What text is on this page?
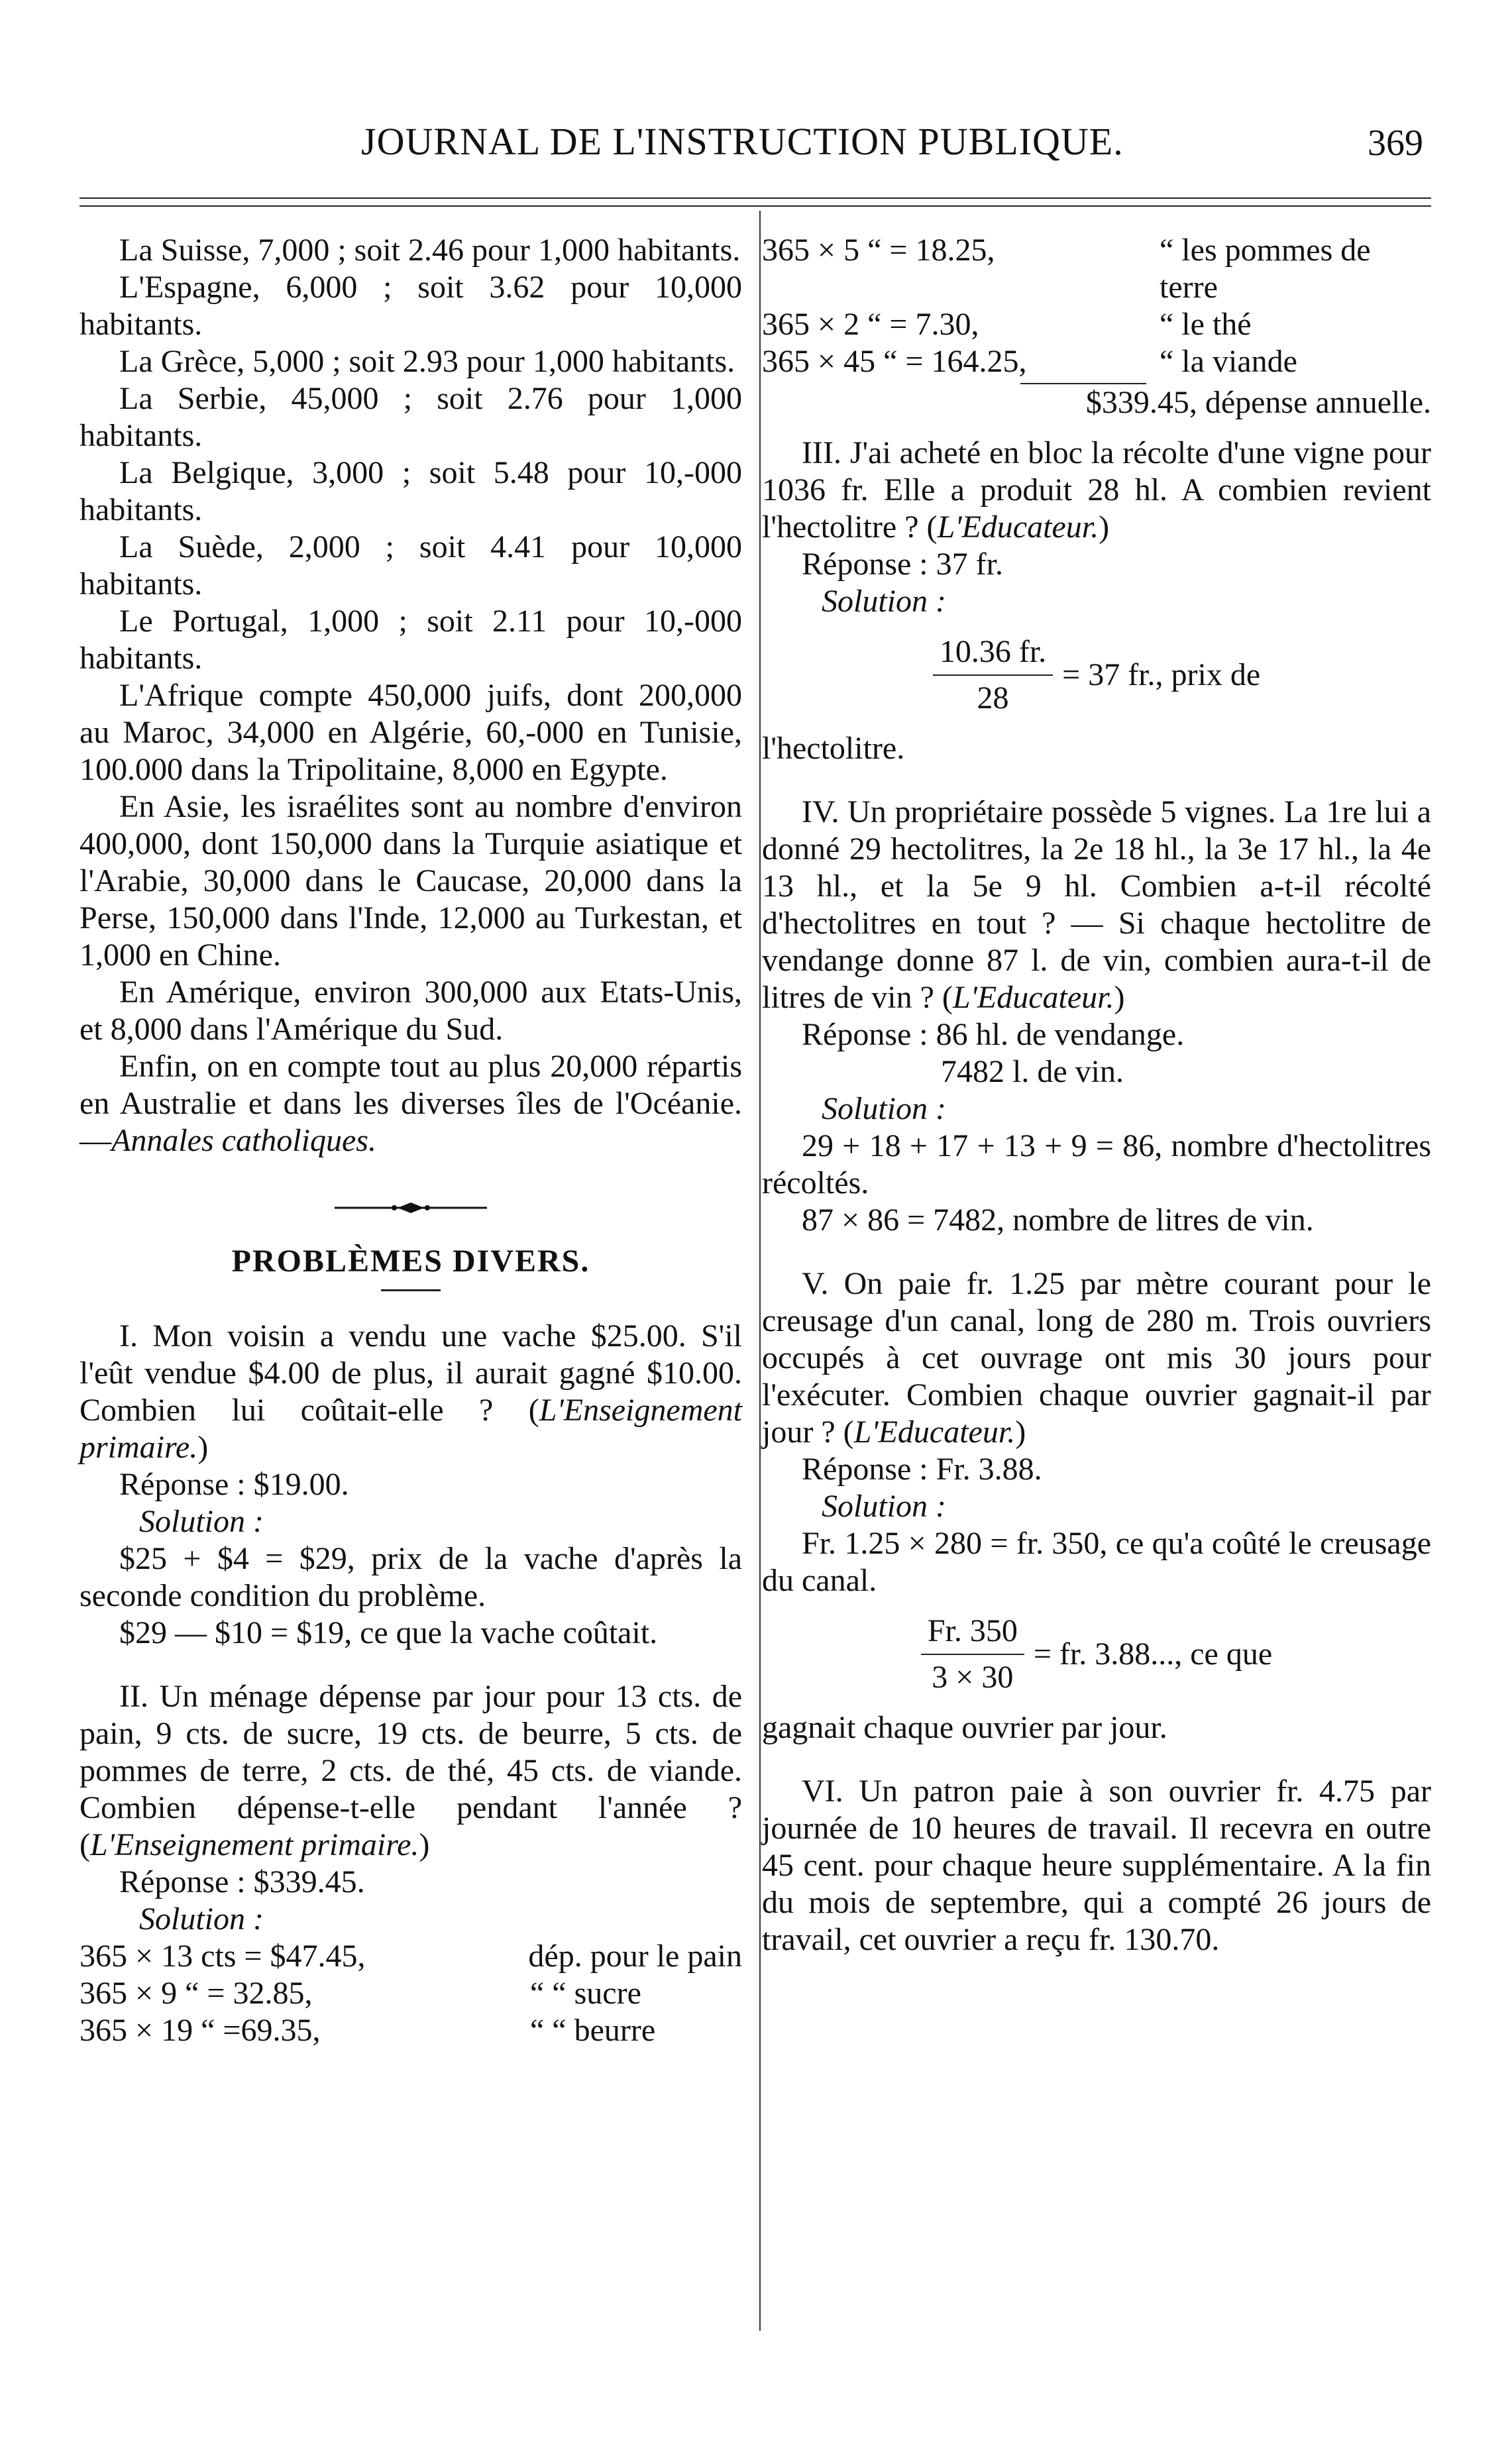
JOURNAL DE L'INSTRUCTION PUBLIQUE.	369

La Suisse, 7,000 ; soit 2.46 pour 1,000 habitants.

L'Espagne, 6,000 ; soit 3.62 pour 10,000 habitants.

La Grèce, 5,000 ; soit 2.93 pour 1,000 habitants.

La Serbie, 45,000 ; soit 2.76 pour 1,000 habitants.

La Belgique, 3,000 ; soit 5.48 pour 10,-000 habitants.

La Suède, 2,000 ; soit 4.41 pour 10,000 habitants.

Le Portugal, 1,000 ; soit 2.11 pour 10,-000 habitants.

L'Afrique compte 450,000 juifs, dont 200,000 au Maroc, 34,000 en Algérie, 60,-000 en Tunisie, 100.000 dans la Tripolitaine, 8,000 en Egypte.

En Asie, les israélites sont au nombre d'environ 400,000, dont 150,000 dans la Turquie asiatique et l'Arabie, 30,000 dans le Caucase, 20,000 dans la Perse, 150,000 dans l'Inde, 12,000 au Turkestan, et 1,000 en Chine.

En Amérique, environ 300,000 aux Etats-Unis, et 8,000 dans l'Amérique du Sud.

Enfin, on en compte tout au plus 20,000 répartis en Australie et dans les diverses îles de l'Océanie. —Annales catholiques.

PROBLÈMES DIVERS.

I. Mon voisin a vendu une vache $25.00. S'il l'eût vendue $4.00 de plus, il aurait gagné $10.00. Combien lui coûtait-elle ? (L'Enseignement primaire.)

Réponse : $19.00.

Solution :

$25 + $4 = $29, prix de la vache d'après la seconde condition du problème.

$29 — $10 = $19, ce que la vache coûtait.

II. Un ménage dépense par jour pour 13 cts. de pain, 9 cts. de sucre, 19 cts. de beurre, 5 cts. de pommes de terre, 2 cts. de thé, 45 cts. de viande. Combien dépense-t-elle pendant l'année ? (L'Enseignement primaire.)

Réponse : $339.45.

Solution :

365 × 13 cts = $47.45,	dép. pour le pain
365 × 9 “ = 32.85,	“ “ sucre
365 × 19 “ =69.35,	“ “ beurre
365 × 5 “ = 18.25,	“ les pommes de terre
365 × 2 “ = 7.30,	“ le thé
365 × 45 “ = 164.25,	“ la viande

$339.45, dépense annuelle.

III. J'ai acheté en bloc la récolte d'une vigne pour 1036 fr. Elle a produit 28 hl. A combien revient l'hectolitre ? (L'Educateur.)

Réponse : 37 fr.

Solution :

$\frac{10.36 fr.}{28} = 37$ fr., prix de

l'hectolitre.

IV. Un propriétaire possède 5 vignes. La 1re lui a donné 29 hectolitres, la 2e 18 hl., la 3e 17 hl., la 4e 13 hl., et la 5e 9 hl. Combien a-t-il récolté d'hectolitres en tout ? — Si chaque hectolitre de vendange donne 87 l. de vin, combien aura-t-il de litres de vin ? (L'Educateur.)

Réponse : 86 hl. de vendange.

7482 l. de vin.

Solution :

29 + 18 + 17 + 13 + 9 = 86, nombre d'hectolitres récoltés.

87 × 86 = 7482, nombre de litres de vin.

V. On paie fr. 1.25 par mètre courant pour le creusage d'un canal, long de 280 m. Trois ouvriers occupés à cet ouvrage ont mis 30 jours pour l'exécuter. Combien chaque ouvrier gagnait-il par jour ? (L'Educateur.)

Réponse : Fr. 3.88.

Solution :

Fr. 1.25 × 280 = fr. 350, ce qu'a coûté le creusage du canal.

$\frac{Fr. 350}{3 \times 30}$ = fr. 3.88..., ce que

gagnait chaque ouvrier par jour.

VI. Un patron paie à son ouvrier fr. 4.75 par journée de 10 heures de travail. Il recevra en outre 45 cent. pour chaque heure supplémentaire. A la fin du mois de septembre, qui a compté 26 jours de travail, cet ouvrier a reçu fr. 130.70.
